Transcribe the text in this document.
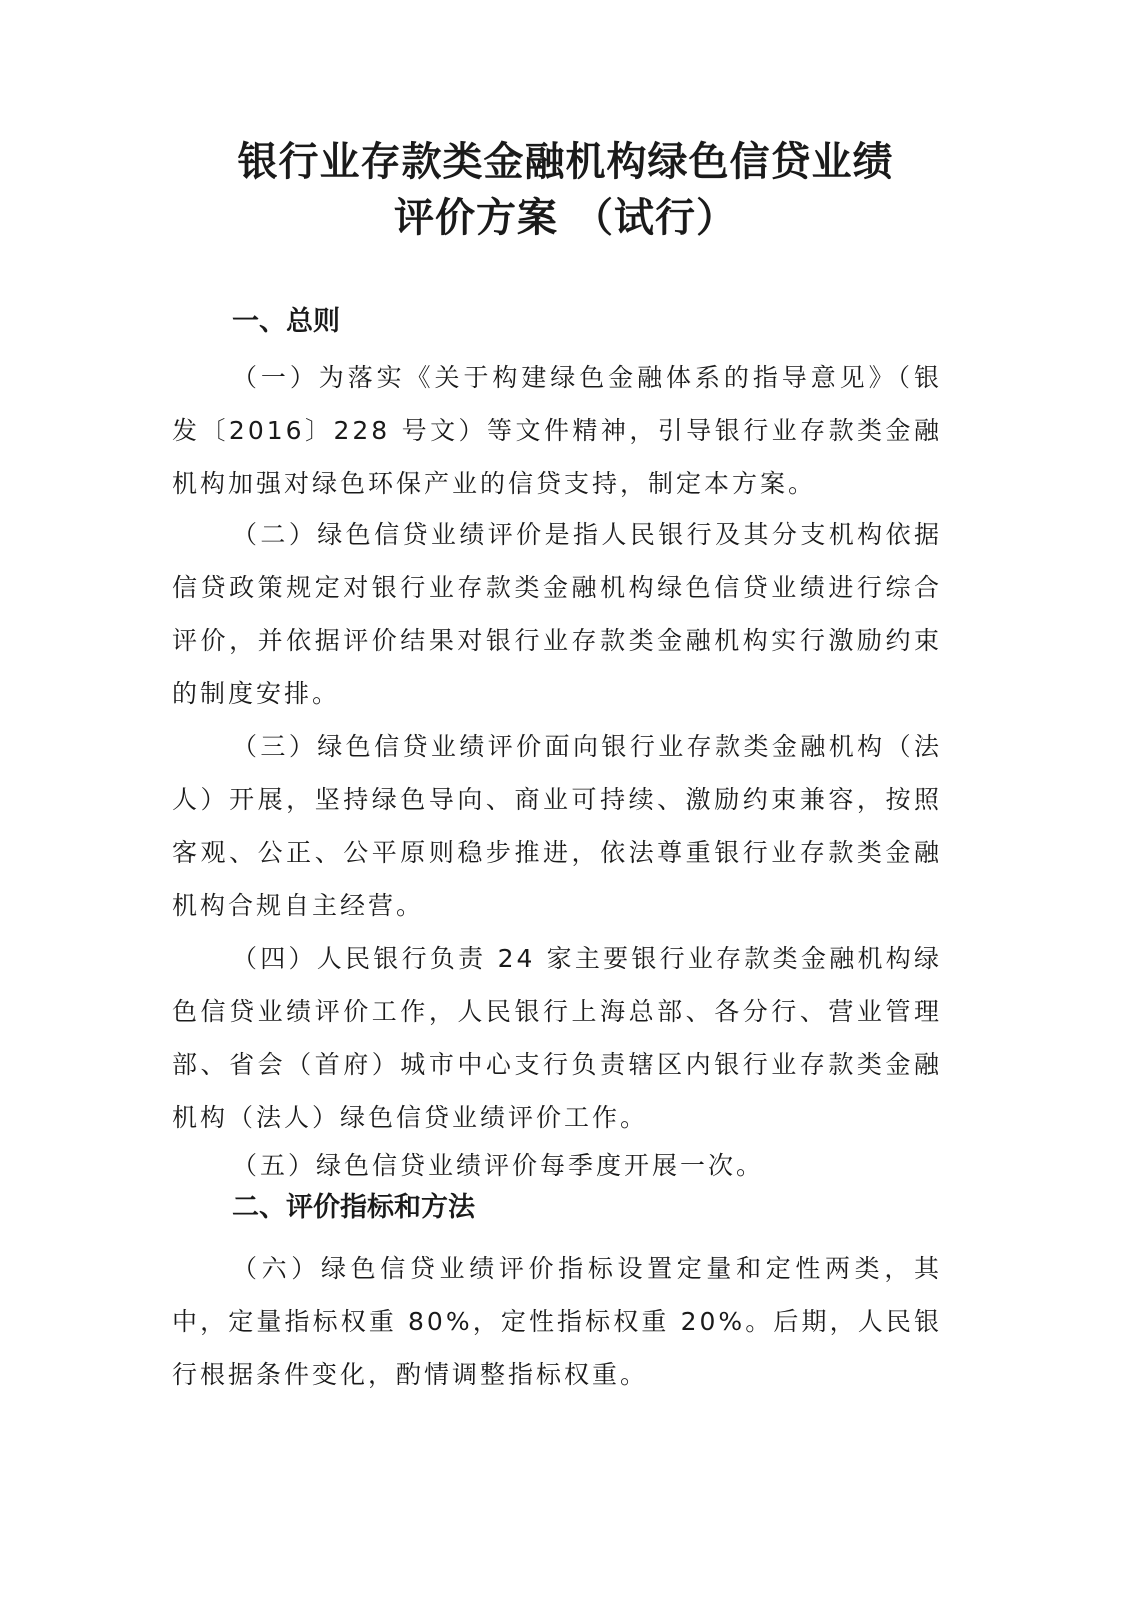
银行业存款类金融机构绿色信贷业绩
评价方案 （试行）
一、总则
（一）为落实《关于构建绿色金融体系的指导意见》（银发〔2016〕228 号文）等文件精神，引导银行业存款类金融机构加强对绿色环保产业的信贷支持，制定本方案。
（二）绿色信贷业绩评价是指人民银行及其分支机构依据信贷政策规定对银行业存款类金融机构绿色信贷业绩进行综合评价，并依据评价结果对银行业存款类金融机构实行激励约束的制度安排。
（三）绿色信贷业绩评价面向银行业存款类金融机构（法人）开展，坚持绿色导向、商业可持续、激励约束兼容，按照客观、公正、公平原则稳步推进，依法尊重银行业存款类金融机构合规自主经营。
（四）人民银行负责 24 家主要银行业存款类金融机构绿色信贷业绩评价工作，人民银行上海总部、各分行、营业管理部、省会（首府）城市中心支行负责辖区内银行业存款类金融机构（法人）绿色信贷业绩评价工作。
（五）绿色信贷业绩评价每季度开展一次。
二、评价指标和方法
（六）绿色信贷业绩评价指标设置定量和定性两类，其中，定量指标权重 80%，定性指标权重 20%。后期，人民银行根据条件变化，酌情调整指标权重。
